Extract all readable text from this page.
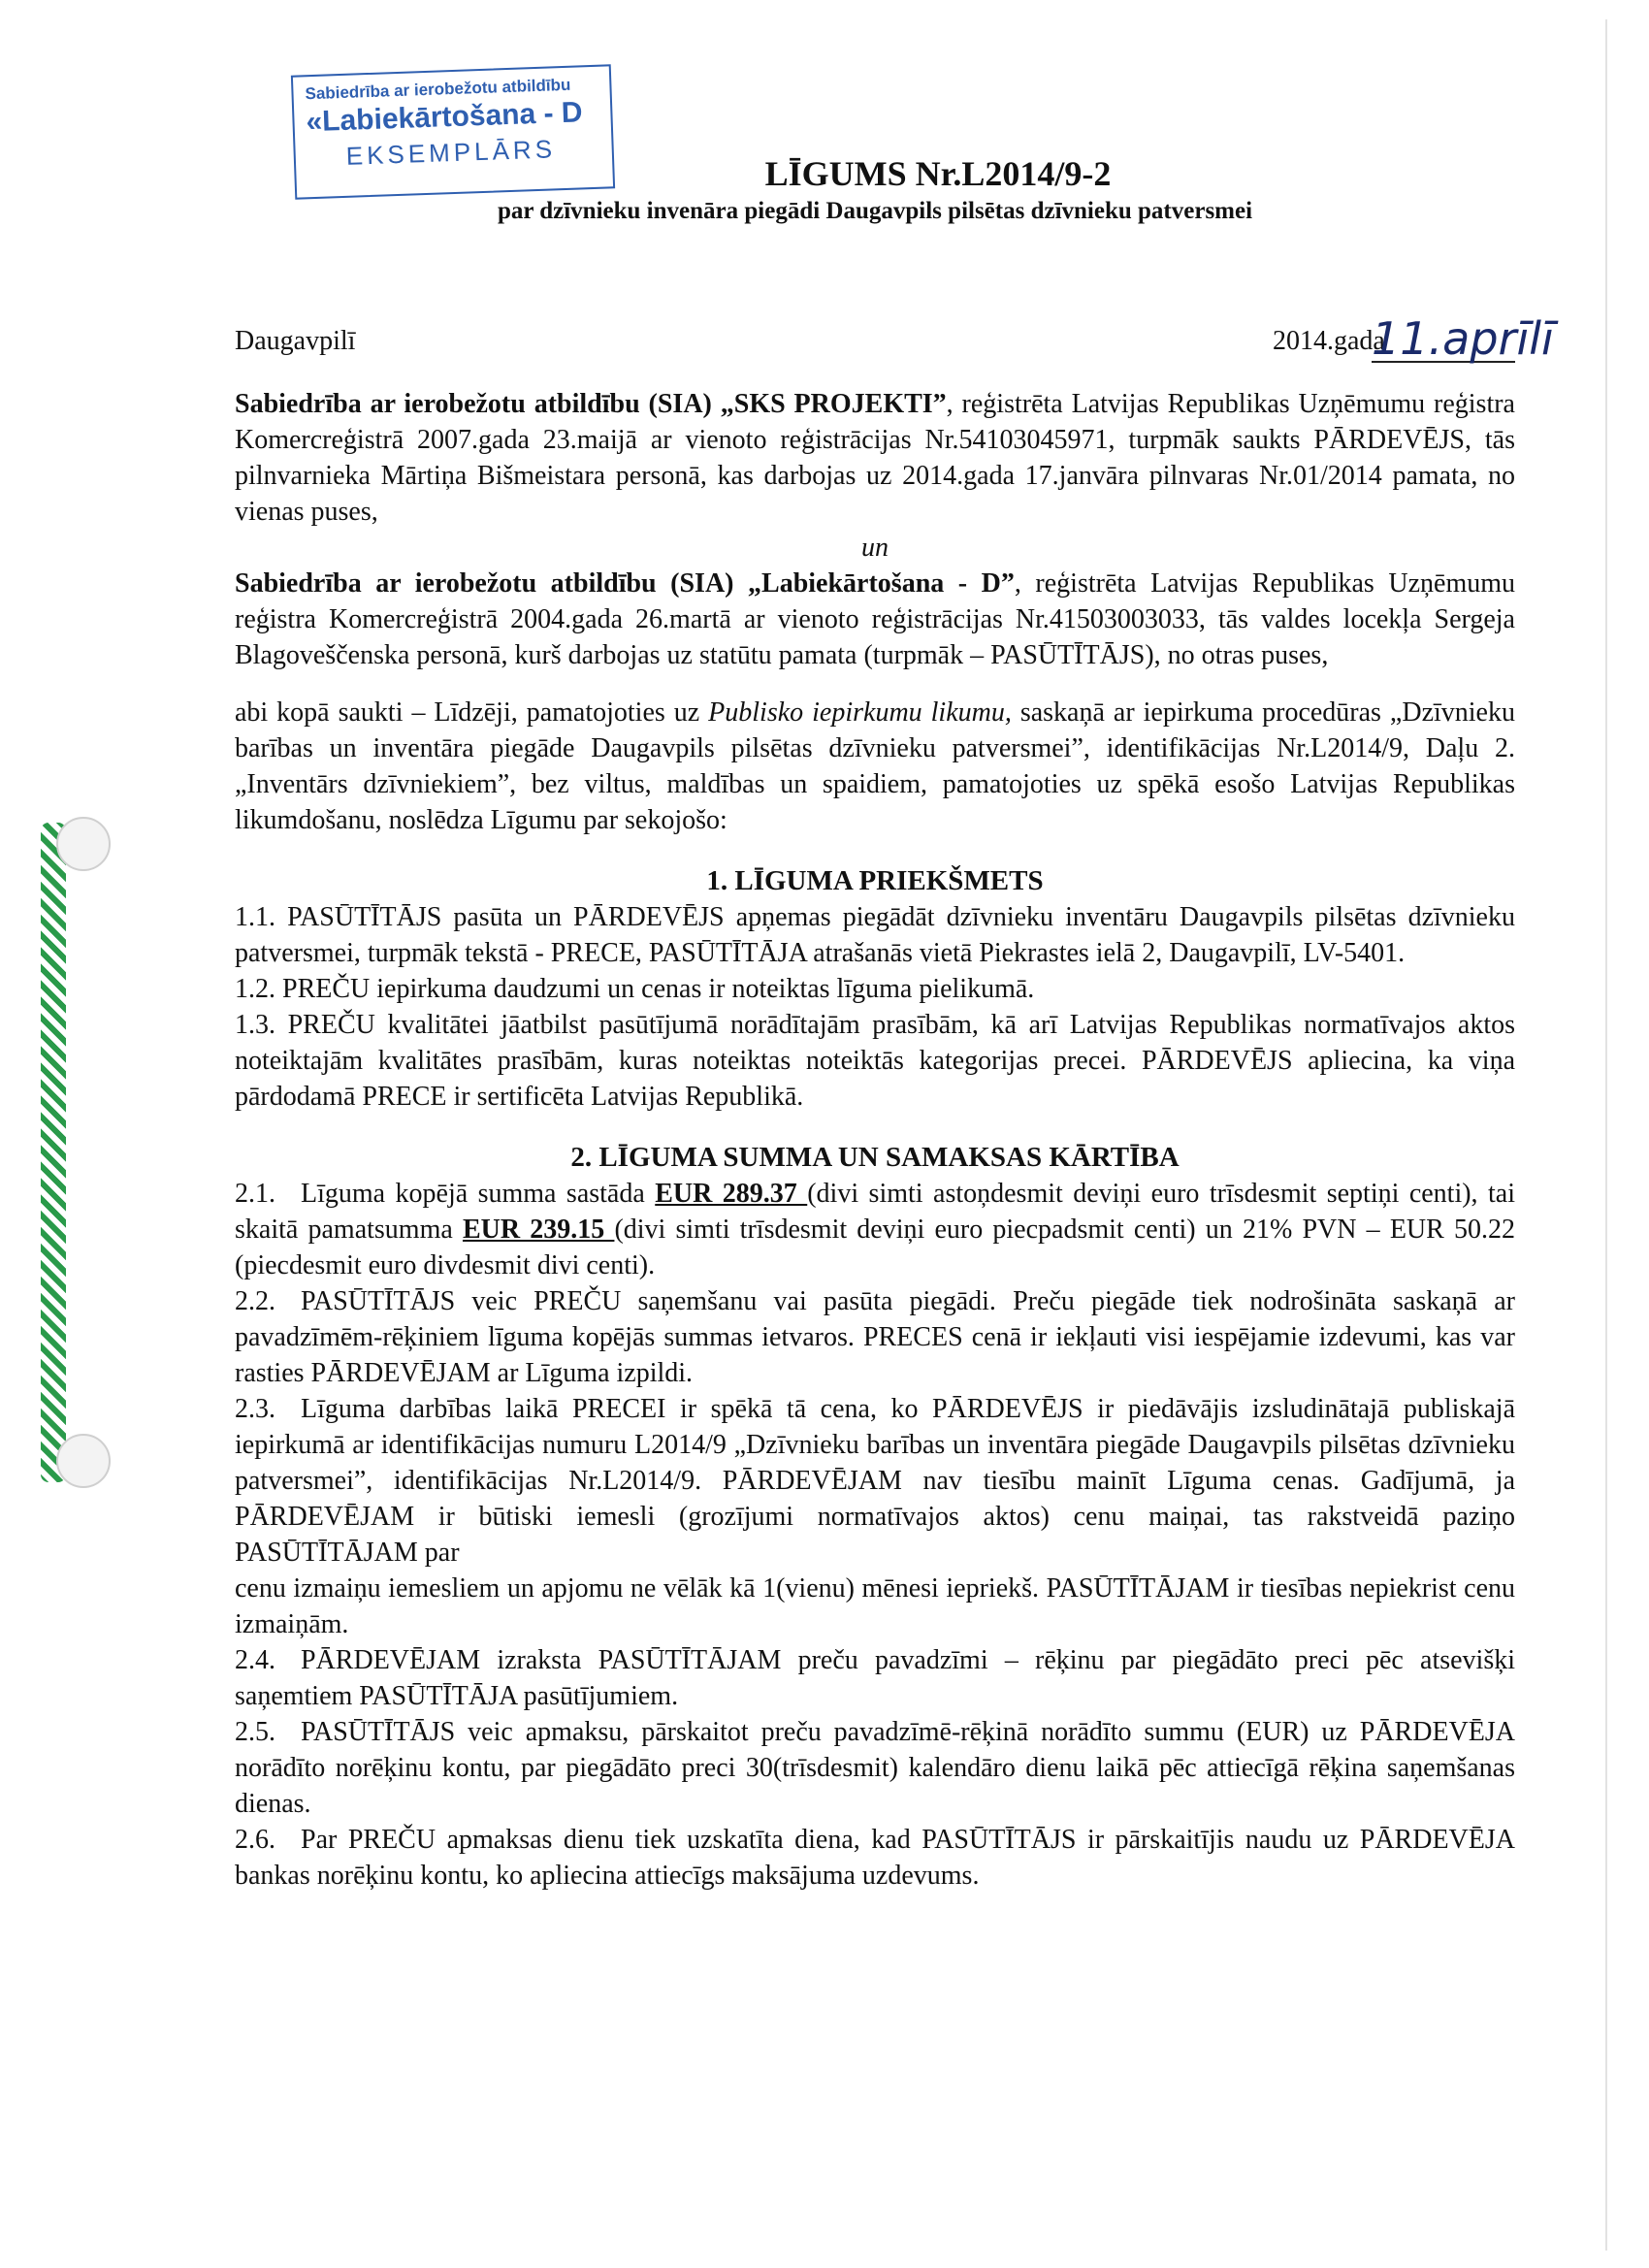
Sabiedrība ar ierobežotu atbildību
«Labiekārtošana - D
EKSEMPLĀRS
LĪGUMS Nr.L2014/9-2
par dzīvnieku invenāra piegādi Daugavpils pilsētas dzīvnieku patversmei
Daugavpilī	2014.gada
11.aprīlī

Sabiedrība ar ierobežotu atbildību (SIA) „SKS PROJEKTI”, reģistrēta Latvijas Republikas Uzņēmumu reģistra Komercreģistrā 2007.gada 23.maijā ar vienoto reģistrācijas Nr.54103045971, turpmāk saukts PĀRDEVĒJS, tās pilnvarnieka Mārtiņa Bišmeistara personā, kas darbojas uz 2014.gada 17.janvāra pilnvaras Nr.01/2014 pamata, no vienas puses,

un

Sabiedrība ar ierobežotu atbildību (SIA) „Labiekārtošana - D”, reģistrēta Latvijas Republikas Uzņēmumu reģistra Komercreģistrā 2004.gada 26.martā ar vienoto reģistrācijas Nr.41503003033, tās valdes locekļa Sergeja Blagoveščenska personā, kurš darbojas uz statūtu pamata (turpmāk – PASŪTĪTĀJS), no otras puses,

abi kopā saukti – Līdzēji, pamatojoties uz Publisko iepirkumu likumu, saskaņā ar iepirkuma procedūras „Dzīvnieku barības un inventāra piegāde Daugavpils pilsētas dzīvnieku patversmei”, identifikācijas Nr.L2014/9, Daļu 2. „Inventārs dzīvniekiem”, bez viltus, maldības un spaidiem, pamatojoties uz spēkā esošo Latvijas Republikas likumdošanu, noslēdza Līgumu par sekojošo:

1. LĪGUMA PRIEKŠMETS

1.1. PASŪTĪTĀJS pasūta un PĀRDEVĒJS apņemas piegādāt dzīvnieku inventāru Daugavpils pilsētas dzīvnieku patversmei, turpmāk tekstā - PRECE, PASŪTĪTĀJA atrašanās vietā Piekrastes ielā 2, Daugavpilī, LV-5401.

1.2. PREČU iepirkuma daudzumi un cenas ir noteiktas līguma pielikumā.

1.3. PREČU kvalitātei jāatbilst pasūtījumā norādītajām prasībām, kā arī Latvijas Republikas normatīvajos aktos noteiktajām kvalitātes prasībām, kuras noteiktas noteiktās kategorijas precei. PĀRDEVĒJS apliecina, ka viņa pārdodamā PRECE ir sertificēta Latvijas Republikā.

2. LĪGUMA SUMMA UN SAMAKSAS KĀRTĪBA

2.1. Līguma kopējā summa sastāda EUR 289.37 (divi simti astoņdesmit deviņi euro trīsdesmit septiņi centi), tai skaitā pamatsumma EUR 239.15 (divi simti trīsdesmit deviņi euro piecpadsmit centi) un 21% PVN – EUR 50.22 (piecdesmit euro divdesmit divi centi).

2.2. PASŪTĪTĀJS veic PREČU saņemšanu vai pasūta piegādi. Preču piegāde tiek nodrošināta saskaņā ar pavadzīmēm-rēķiniem līguma kopējās summas ietvaros. PRECES cenā ir iekļauti visi iespējamie izdevumi, kas var rasties PĀRDEVĒJAM ar Līguma izpildi.

2.3. Līguma darbības laikā PRECEI ir spēkā tā cena, ko PĀRDEVĒJS ir piedāvājis izsludinātajā publiskajā iepirkumā ar identifikācijas numuru L2014/9 „Dzīvnieku barības un inventāra piegāde Daugavpils pilsētas dzīvnieku patversmei”, identifikācijas Nr.L2014/9. PĀRDEVĒJAM nav tiesību mainīt Līguma cenas. Gadījumā, ja PĀRDEVĒJAM ir būtiski iemesli (grozījumi normatīvajos aktos) cenu maiņai, tas rakstveidā paziņo PASŪTĪTĀJAM par

cenu izmaiņu iemesliem un apjomu ne vēlāk kā 1(vienu) mēnesi iepriekš. PASŪTĪTĀJAM ir tiesības nepiekrist cenu izmaiņām.

2.4. PĀRDEVĒJAM izraksta PASŪTĪTĀJAM preču pavadzīmi – rēķinu par piegādāto preci pēc atsevišķi saņemtiem PASŪTĪTĀJA pasūtījumiem.

2.5. PASŪTĪTĀJS veic apmaksu, pārskaitot preču pavadzīmē-rēķinā norādīto summu (EUR) uz PĀRDEVĒJA norādīto norēķinu kontu, par piegādāto preci 30(trīsdesmit) kalendāro dienu laikā pēc attiecīgā rēķina saņemšanas dienas.

2.6. Par PREČU apmaksas dienu tiek uzskatīta diena, kad PASŪTĪTĀJS ir pārskaitījis naudu uz PĀRDEVĒJA bankas norēķinu kontu, ko apliecina attiecīgs maksājuma uzdevums.
